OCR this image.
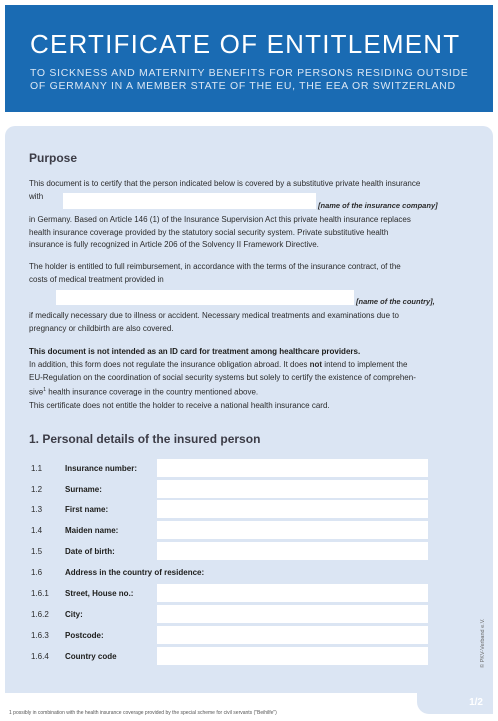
CERTIFICATE OF ENTITLEMENT
TO SICKNESS AND MATERNITY BENEFITS FOR PERSONS RESIDING OUTSIDE
OF GERMANY IN A MEMBER STATE OF THE EU, THE EEA OR SWITZERLAND
Purpose
This document is to certify that the person indicated below is covered by a substitutive private health insurance
with
[name of the insurance company]
in Germany. Based on Article 146 (1) of the Insurance Supervision Act this private health insurance replaces
health insurance coverage provided by the statutory social security system. Private substitutive health
insurance is fully recognized in Article 206 of the Solvency II Framework Directive.
The holder is entitled to full reimbursement, in accordance with the terms of the insurance contract, of the
costs of medical treatment provided in
[name of the country],
if medically necessary due to illness or accident. Necessary medical treatments and examinations due to
pregnancy or childbirth are also covered.
This document is not intended as an ID card for treatment among healthcare providers.
In addition, this form does not regulate the insurance obligation abroad. It does not intend to implement the
EU-Regulation on the coordination of social security systems but solely to certify the existence of comprehen-
sive$^1$ health insurance coverage in the country mentioned above.
This certificate does not entitle the holder to receive a national health insurance card.
1. Personal details of the insured person
1.1	Insurance number:
1.2	Surname:
1.3	First name:
1.4	Maiden name:
1.5	Date of birth:
1.6	Address in the country of residence:
1.6.1 Street, House no.:
1.6.2 City:
1.6.3 Postcode:
1.6.4 Country code	© PKV-Verband e.V.
1/2
1 possibly in combination with the health insurance coverage provided by the special scheme for civil servants ("Beihilfe")
